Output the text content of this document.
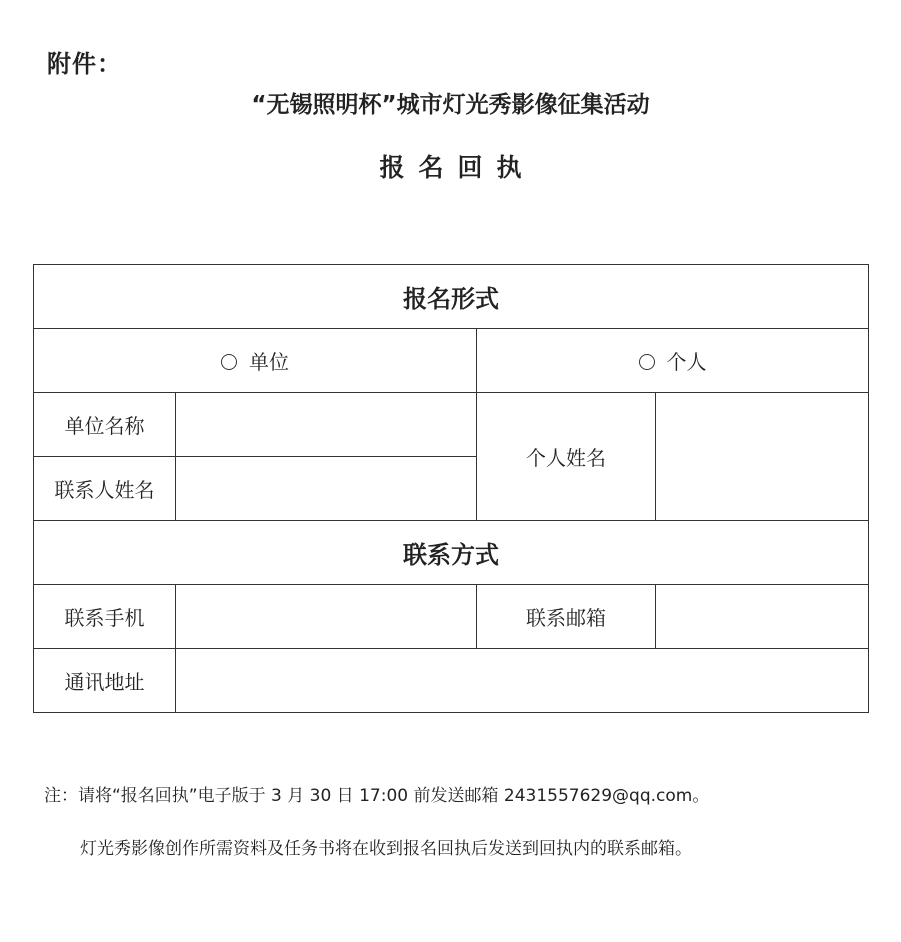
附件：
“无锡照明杯”城市灯光秀影像征集活动
报名回执
报名形式			
单位		个人	
单位名称		个人姓名	
联系人姓名			
联系方式			
联系手机		联系邮箱	
通讯地址			
注：请将“报名回执”电子版于 3 月 30 日 17:00 前发送邮箱 2431557629@qq.com。
灯光秀影像创作所需资料及任务书将在收到报名回执后发送到回执内的联系邮箱。
